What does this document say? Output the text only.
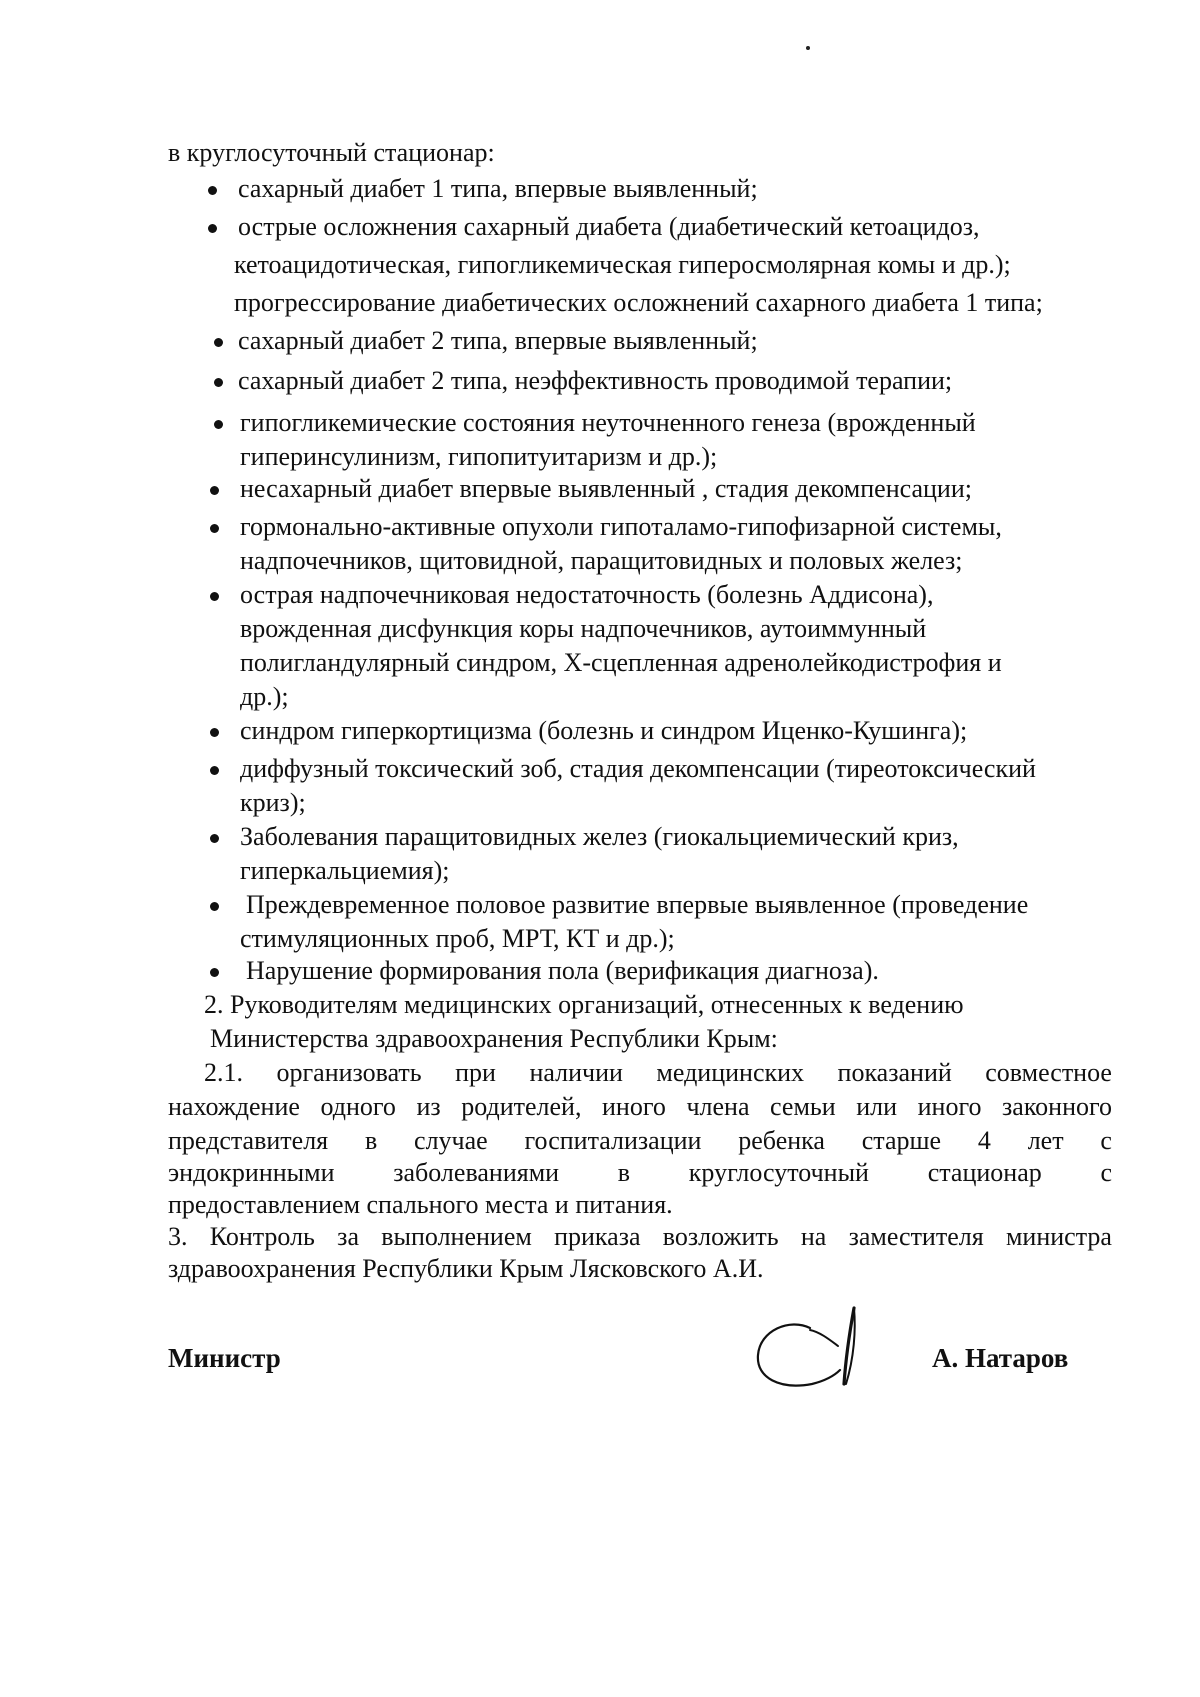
в круглосуточный стационар:
сахарный диабет 1 типа, впервые выявленный;
острые осложнения сахарный диабета (диабетический кетоацидоз,
кетоацидотическая, гипогликемическая гиперосмолярная комы и др.);
прогрессирование диабетических осложнений сахарного диабета 1 типа;
сахарный диабет 2 типа, впервые выявленный;
сахарный диабет 2 типа, неэффективность проводимой терапии;
гипогликемические состояния неуточненного генеза (врожденный
гиперинсулинизм, гипопитуитаризм и др.);
несахарный диабет впервые выявленный , стадия декомпенсации;
гормонально-активные опухоли гипоталамо-гипофизарной системы,
надпочечников, щитовидной, паращитовидных и половых желез;
острая надпочечниковая недостаточность (болезнь Аддисона),
врожденная дисфункция коры надпочечников, аутоиммунный
полигландулярный синдром, Х-сцепленная адренолейкодистрофия и
др.);
синдром гиперкортицизма (болезнь и синдром Иценко-Кушинга);
диффузный токсический зоб, стадия декомпенсации (тиреотоксический
криз);
Заболевания паращитовидных желез (гиокальциемический криз,
гиперкальциемия);
Преждевременное половое развитие впервые выявленное (проведение
стимуляционных проб, МРТ, КТ и др.);
Нарушение формирования пола (верификация диагноза).
2. Руководителям медицинских организаций, отнесенных к ведению
Министерства здравоохранения Республики Крым:
2.1. организовать при наличии медицинских показаний совместное
нахождение одного из родителей, иного члена семьи или иного законного
представителя в случае госпитализации ребенка старше 4 лет с
эндокринными заболеваниями в круглосуточный стационар с
предоставлением спального места и питания.
3. Контроль за выполнением приказа возложить на заместителя министра
здравоохранения Республики Крым Лясковского А.И.
Министр	А. Натаров
